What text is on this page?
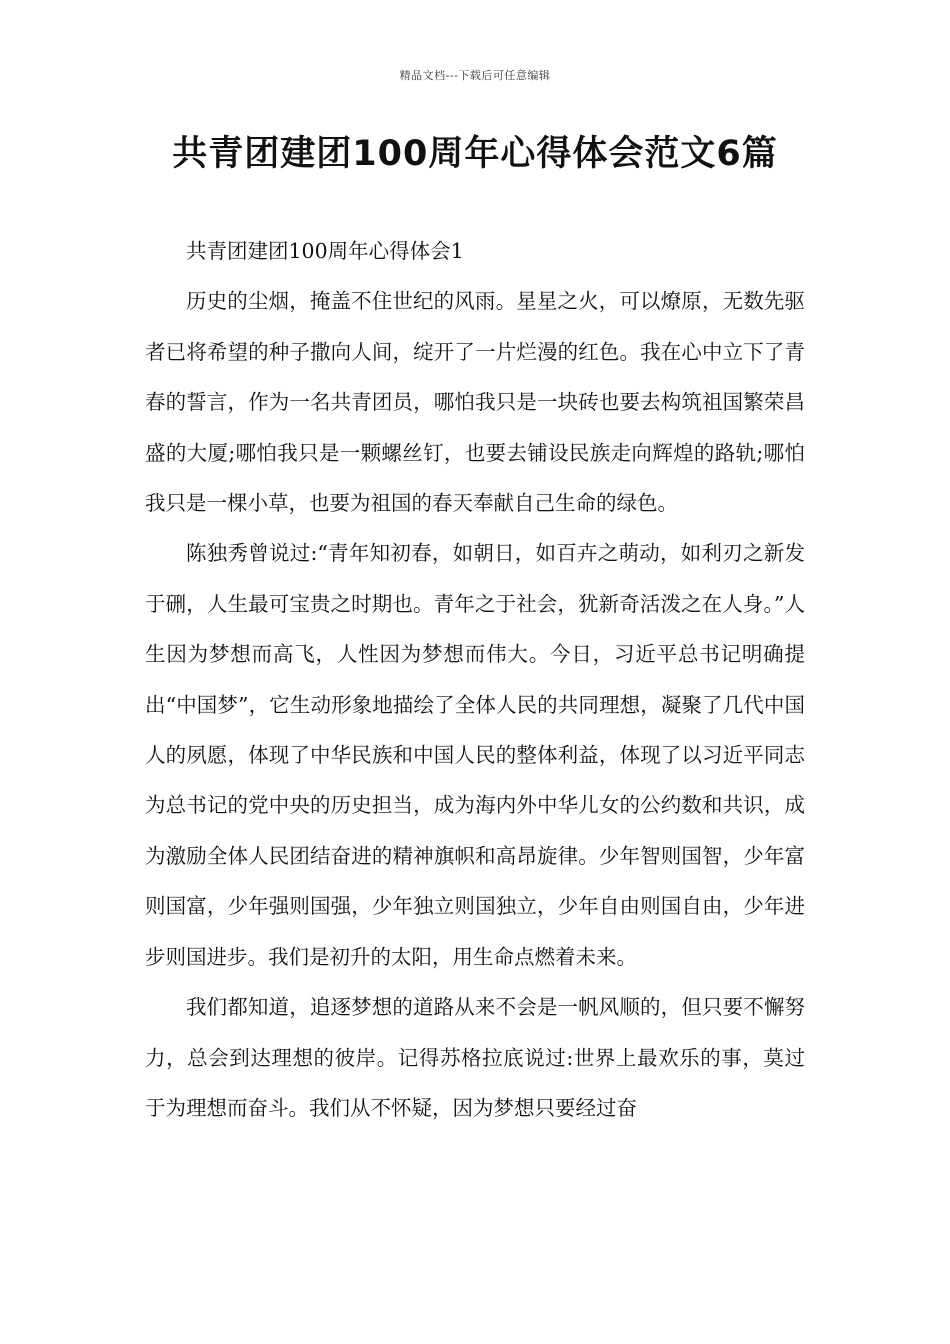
精品文档---下载后可任意编辑
共青团建团100周年心得体会范文6篇

共青团建团100周年心得体会1

历史的尘烟，掩盖不住世纪的风雨。星星之火，可以燎原，无数先驱者已将希望的种子撒向人间，绽开了一片烂漫的红色。我在心中立下了青春的誓言，作为一名共青团员，哪怕我只是一块砖也要去构筑祖国繁荣昌盛的大厦;哪怕我只是一颗螺丝钉，也要去铺设民族走向辉煌的路轨;哪怕我只是一棵小草，也要为祖国的春天奉献自己生命的绿色。

陈独秀曾说过:“青年知初春，如朝日，如百卉之萌动，如利刃之新发于硎，人生最可宝贵之时期也。青年之于社会，犹新奇活泼之在人身。”人生因为梦想而高飞，人性因为梦想而伟大。今日，习近平总书记明确提出“中国梦”，它生动形象地描绘了全体人民的共同理想，凝聚了几代中国人的夙愿，体现了中华民族和中国人民的整体利益，体现了以习近平同志为总书记的党中央的历史担当，成为海内外中华儿女的公约数和共识，成为激励全体人民团结奋进的精神旗帜和高昂旋律。少年智则国智，少年富则国富，少年强则国强，少年独立则国独立，少年自由则国自由，少年进步则国进步。我们是初升的太阳，用生命点燃着未来。

我们都知道，追逐梦想的道路从来不会是一帆风顺的，但只要不懈努力，总会到达理想的彼岸。记得苏格拉底说过:世界上最欢乐的事，莫过于为理想而奋斗。我们从不怀疑，因为梦想只要经过奋
